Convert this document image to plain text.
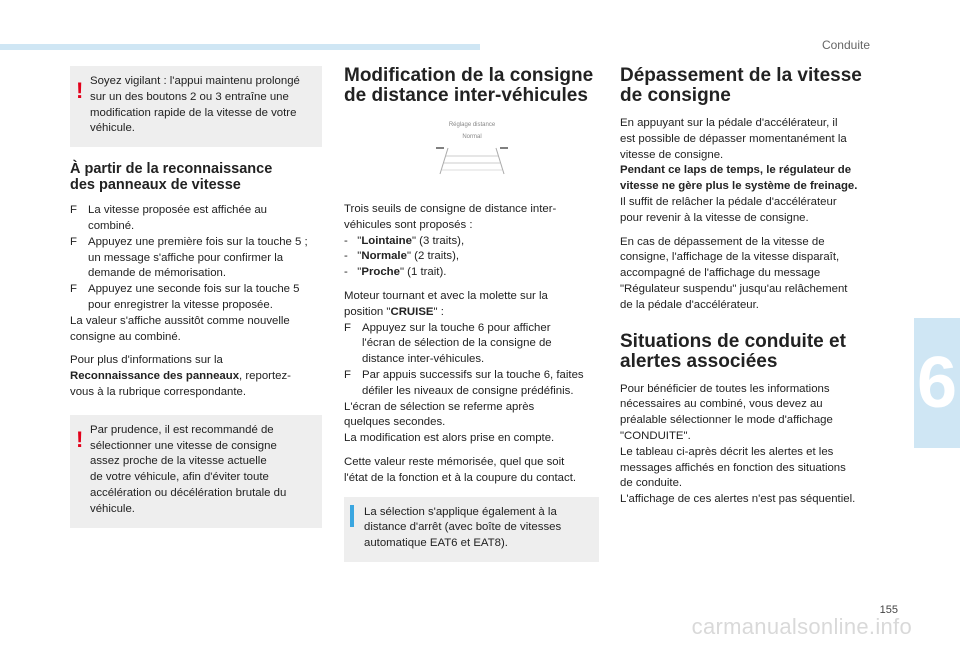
Conduite
6
! Soyez vigilant : l'appui maintenu prolongé
sur un des boutons 2 ou 3 entraîne une
modification rapide de la vitesse de votre
véhicule.
À partir de la reconnaissance
des panneaux de vitesse
F La vitesse proposée est affichée au
combiné.
F Appuyez une première fois sur la touche 5 ;
un message s'affiche pour confirmer la
demande de mémorisation.
F Appuyez une seconde fois sur la touche 5
pour enregistrer la vitesse proposée.

La valeur s'affiche aussitôt comme nouvelle
consigne au combiné.

Pour plus d'informations sur la
Reconnaissance des panneaux, reportez-
vous à la rubrique correspondante.

! Par prudence, il est recommandé de
sélectionner une vitesse de consigne
assez proche de la vitesse actuelle
de votre véhicule, afin d'éviter toute
accélération ou décélération brutale du
véhicule.
Modification de la consigne
de distance inter-véhicules
Réglage distance
Normal

Trois seuils de consigne de distance inter-
véhicules sont proposés :
- "Lointaine" (3 traits),
- "Normale" (2 traits),
- "Proche" (1 trait).

Moteur tournant et avec la molette sur la
position "CRUISE" :
F Appuyez sur la touche 6 pour afficher
l'écran de sélection de la consigne de
distance inter-véhicules.
F Par appuis successifs sur la touche 6, faites
défiler les niveaux de consigne prédéfinis.
L'écran de sélection se referme après
quelques secondes.
La modification est alors prise en compte.

Cette valeur reste mémorisée, quel que soit
l'état de la fonction et à la coupure du contact.

La sélection s'applique également à la
distance d'arrêt (avec boîte de vitesses
automatique EAT6 et EAT8).
Dépassement de la vitesse
de consigne

En appuyant sur la pédale d'accélérateur, il
est possible de dépasser momentanément la
vitesse de consigne.
Pendant ce laps de temps, le régulateur de
vitesse ne gère plus le système de freinage.
Il suffit de relâcher la pédale d'accélérateur
pour revenir à la vitesse de consigne.

En cas de dépassement de la vitesse de
consigne, l'affichage de la vitesse disparaît,
accompagné de l'affichage du message
"Régulateur suspendu" jusqu'au relâchement
de la pédale d'accélérateur.

Situations de conduite et
alertes associées

Pour bénéficier de toutes les informations
nécessaires au combiné, vous devez au
préalable sélectionner le mode d'affichage
"CONDUITE".
Le tableau ci-après décrit les alertes et les
messages affichés en fonction des situations
de conduite.
L'affichage de ces alertes n'est pas séquentiel.

155
carmanualsonline.info
